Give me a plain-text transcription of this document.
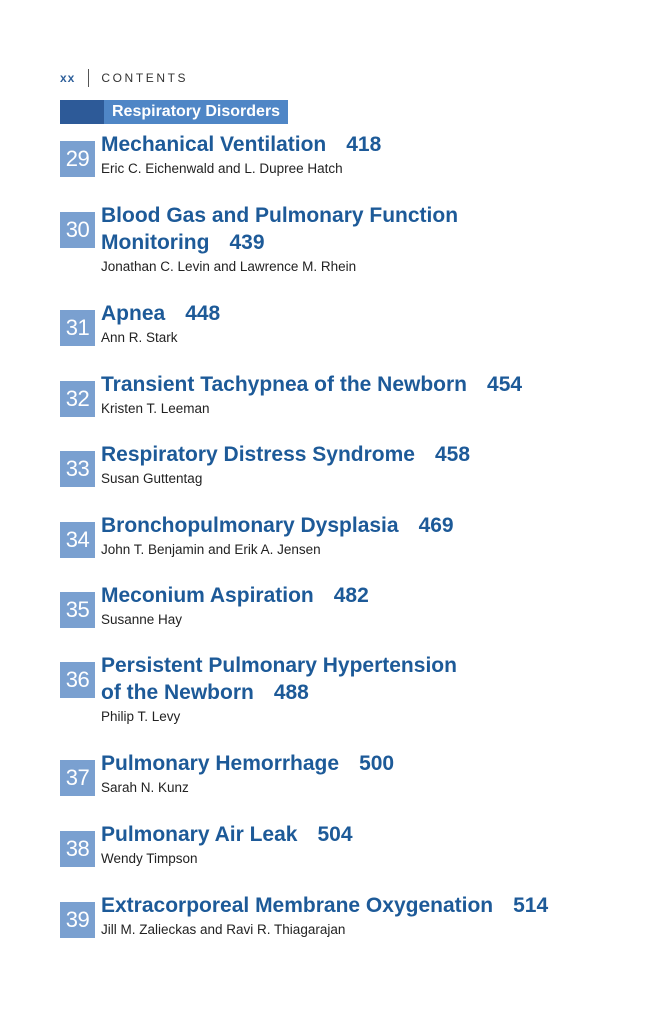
xx CONTENTS
Respiratory Disorders
29
Mechanical Ventilation 418
Eric C. Eichenwald and L. Dupree Hatch
30
Blood Gas and Pulmonary Function
Monitoring 439
Jonathan C. Levin and Lawrence M. Rhein
31
Apnea 448
Ann R. Stark
32
Transient Tachypnea of the Newborn 454
Kristen T. Leeman
33
Respiratory Distress Syndrome 458
Susan Guttentag
34
Bronchopulmonary Dysplasia 469
John T. Benjamin and Erik A. Jensen
35
Meconium Aspiration 482
Susanne Hay
36
Persistent Pulmonary Hypertension
of the Newborn 488
Philip T. Levy
37
Pulmonary Hemorrhage 500
Sarah N. Kunz
38
Pulmonary Air Leak 504
Wendy Timpson
39
Extracorporeal Membrane Oxygenation 514
Jill M. Zalieckas and Ravi R. Thiagarajan
